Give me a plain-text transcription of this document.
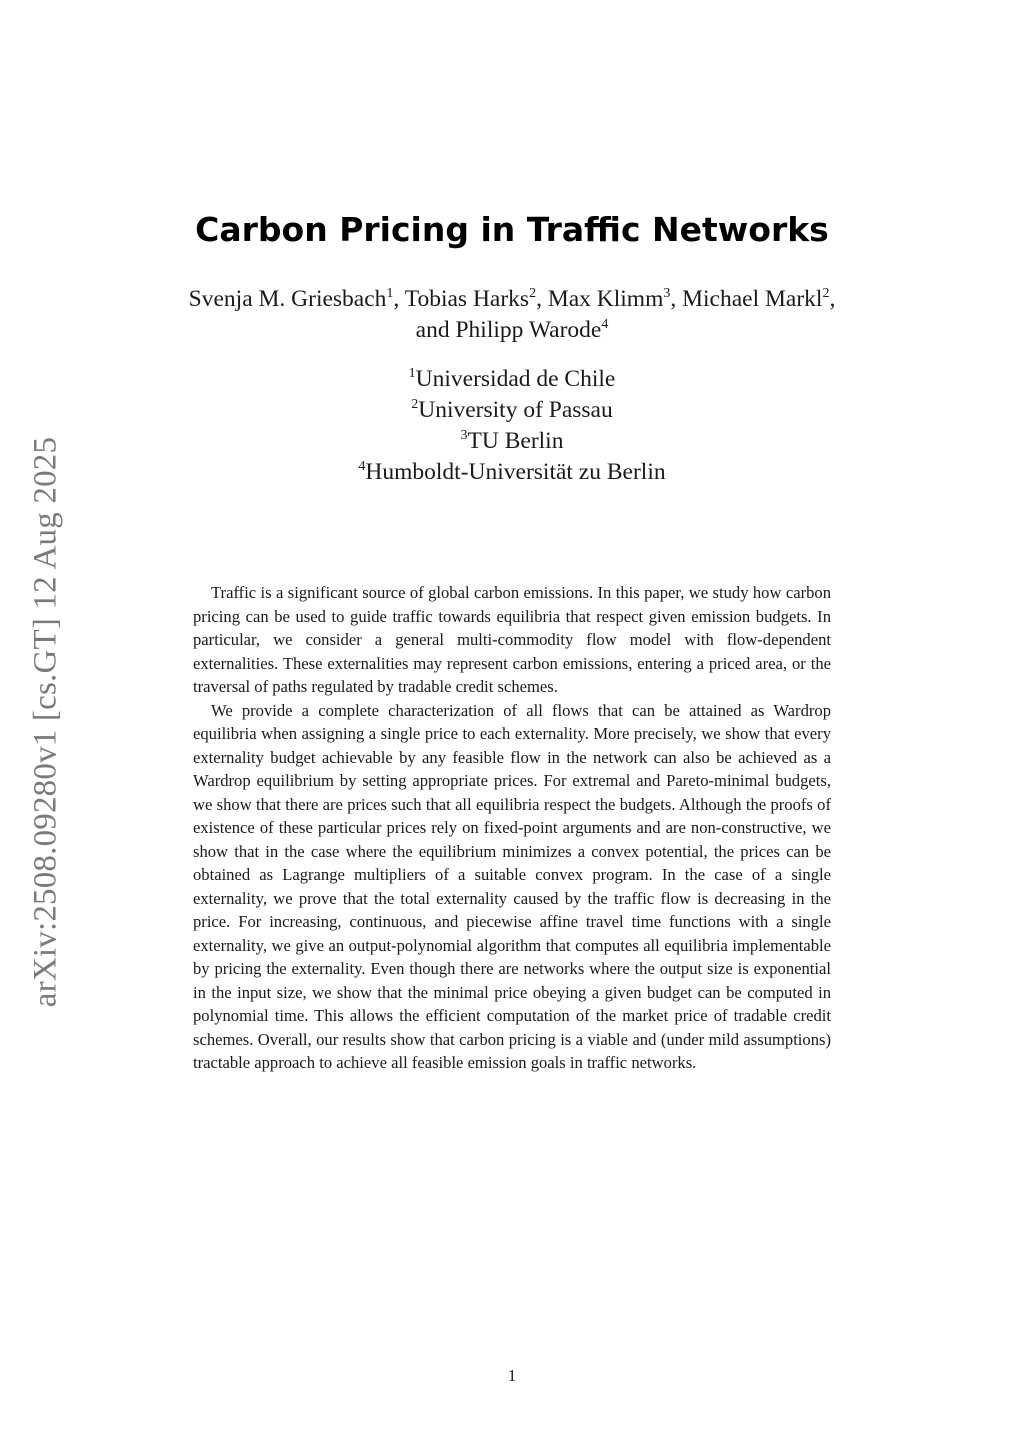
arXiv:2508.09280v1 [cs.GT] 12 Aug 2025
Carbon Pricing in Traffic Networks
Svenja M. Griesbach$^1$, Tobias Harks$^2$, Max Klimm$^3$, Michael Markl$^2$,
and Philipp Warode$^4$
$^1$Universidad de Chile
$^2$University of Passau
$^3$TU Berlin
$^4$Humboldt-Universität zu Berlin

Traffic is a significant source of global carbon emissions. In this paper, we study how carbon pricing can be used to guide traffic towards equilibria that respect given emission budgets. In particular, we consider a general multi-commodity flow model with flow-dependent externalities. These externalities may represent carbon emissions, entering a priced area, or the traversal of paths regulated by tradable credit schemes.

We provide a complete characterization of all flows that can be attained as Wardrop equilibria when assigning a single price to each externality. More precisely, we show that every externality budget achievable by any feasible flow in the network can also be achieved as a Wardrop equilibrium by setting appropriate prices. For extremal and Pareto-minimal budgets, we show that there are prices such that all equilibria respect the budgets. Although the proofs of existence of these particular prices rely on fixed-point arguments and are non-constructive, we show that in the case where the equilibrium minimizes a convex potential, the prices can be obtained as Lagrange multipliers of a suitable convex program. In the case of a single externality, we prove that the total externality caused by the traffic flow is decreasing in the price. For increasing, continuous, and piecewise affine travel time functions with a single externality, we give an output-polynomial algorithm that computes all equilibria implementable by pricing the externality. Even though there are networks where the output size is exponential in the input size, we show that the minimal price obeying a given budget can be computed in polynomial time. This allows the efficient computation of the market price of tradable credit schemes. Overall, our results show that carbon pricing is a viable and (under mild assumptions) tractable approach to achieve all feasible emission goals in traffic networks.

1
